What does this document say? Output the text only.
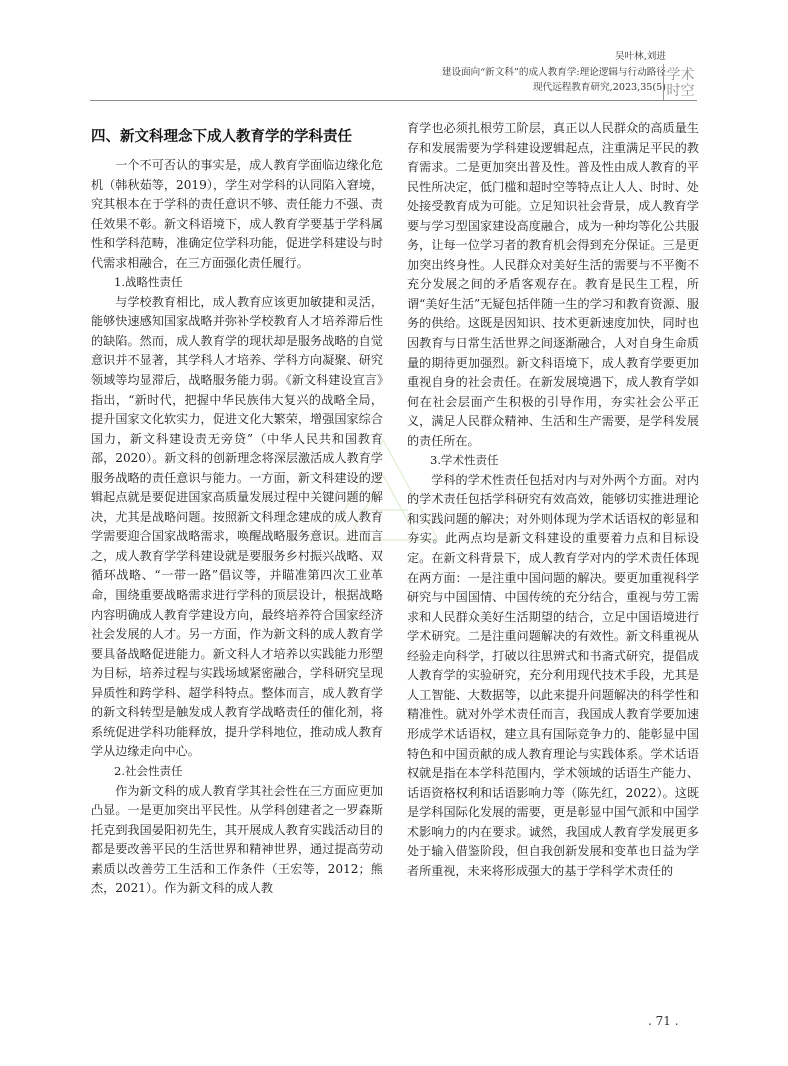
吴叶林,刘进
建设面向“新文科”的成人教育学:理论逻辑与行动路径
现代远程教育研究,2023,35(5)
学术
时空
四、新文科理念下成人教育学的学科责任

一个不可否认的事实是，成人教育学面临边缘化危机（韩秋茹等，2019），学生对学科的认同陷入窘境，究其根本在于学科的责任意识不够、责任能力不强、责任效果不彰。新文科语境下，成人教育学要基于学科属性和学科范畴，准确定位学科功能，促进学科建设与时代需求相融合，在三方面强化责任履行。

1.战略性责任

与学校教育相比，成人教育应该更加敏捷和灵活，能够快速感知国家战略并弥补学校教育人才培养滞后性的缺陷。然而，成人教育学的现状却是服务战略的自觉意识并不显著，其学科人才培养、学科方向凝聚、研究领域等均显滞后，战略服务能力弱。《新文科建设宣言》指出，“新时代，把握中华民族伟大复兴的战略全局，提升国家文化软实力，促进文化大繁荣，增强国家综合国力，新文科建设责无旁贷”（中华人民共和国教育部，2020）。新文科的创新理念将深层激活成人教育学服务战略的责任意识与能力。一方面，新文科建设的逻辑起点就是要促进国家高质量发展过程中关键问题的解决，尤其是战略问题。按照新文科理念建成的成人教育学需要迎合国家战略需求，唤醒战略服务意识。进而言之，成人教育学学科建设就是要服务乡村振兴战略、双循环战略、“一带一路”倡议等，并瞄准第四次工业革命，围绕重要战略需求进行学科的顶层设计，根据战略内容明确成人教育学建设方向，最终培养符合国家经济社会发展的人才。另一方面，作为新文科的成人教育学要具备战略促进能力。新文科人才培养以实践能力形塑为目标，培养过程与实践场域紧密融合，学科研究呈现异质性和跨学科、超学科特点。整体而言，成人教育学的新文科转型是触发成人教育学战略责任的催化剂，将系统促进学科功能释放，提升学科地位，推动成人教育学从边缘走向中心。

2.社会性责任

作为新文科的成人教育学其社会性在三方面应更加凸显。一是更加突出平民性。从学科创建者之一罗森斯托克到我国晏阳初先生，其开展成人教育实践活动目的都是要改善平民的生活世界和精神世界，通过提高劳动素质以改善劳工生活和工作条件（王宏等，2012；熊杰，2021）。作为新文科的成人教

育学也必须扎根劳工阶层，真正以人民群众的高质量生存和发展需要为学科建设逻辑起点，注重满足平民的教育需求。二是更加突出普及性。普及性由成人教育的平民性所决定，低门槛和超时空等特点让人人、时时、处处接受教育成为可能。立足知识社会背景，成人教育学要与学习型国家建设高度融合，成为一种均等化公共服务，让每一位学习者的教育机会得到充分保证。三是更加突出终身性。人民群众对美好生活的需要与不平衡不充分发展之间的矛盾客观存在。教育是民生工程，所谓“美好生活”无疑包括伴随一生的学习和教育资源、服务的供给。这既是因知识、技术更新速度加快，同时也因教育与日常生活世界之间逐渐融合，人对自身生命质量的期待更加强烈。新文科语境下，成人教育学要更加重视自身的社会责任。在新发展境遇下，成人教育学如何在社会层面产生积极的引导作用，夯实社会公平正义，满足人民群众精神、生活和生产需要，是学科发展的责任所在。

3.学术性责任

学科的学术性责任包括对内与对外两个方面。对内的学术责任包括学科研究有效高效，能够切实推进理论和实践问题的解决；对外则体现为学术话语权的彰显和夯实。此两点均是新文科建设的重要着力点和目标设定。在新文科背景下，成人教育学对内的学术责任体现在两方面：一是注重中国问题的解决。要更加重视科学研究与中国国情、中国传统的充分结合，重视与劳工需求和人民群众美好生活期望的结合，立足中国语境进行学术研究。二是注重问题解决的有效性。新文科重视从经验走向科学，打破以往思辨式和书斋式研究，提倡成人教育学的实验研究，充分利用现代技术手段，尤其是人工智能、大数据等，以此来提升问题解决的科学性和精准性。就对外学术责任而言，我国成人教育学要加速形成学术话语权，建立具有国际竞争力的、能彰显中国特色和中国贡献的成人教育理论与实践体系。学术话语权就是指在本学科范围内，学术领域的话语生产能力、话语资格权利和话语影响力等（陈先红，2022）。这既是学科国际化发展的需要，更是彰显中国气派和中国学术影响力的内在要求。诚然，我国成人教育学发展更多处于输入借鉴阶段，但自我创新发展和变革也日益为学者所重视，未来将形成强大的基于学科学术责任的

. 71 .
